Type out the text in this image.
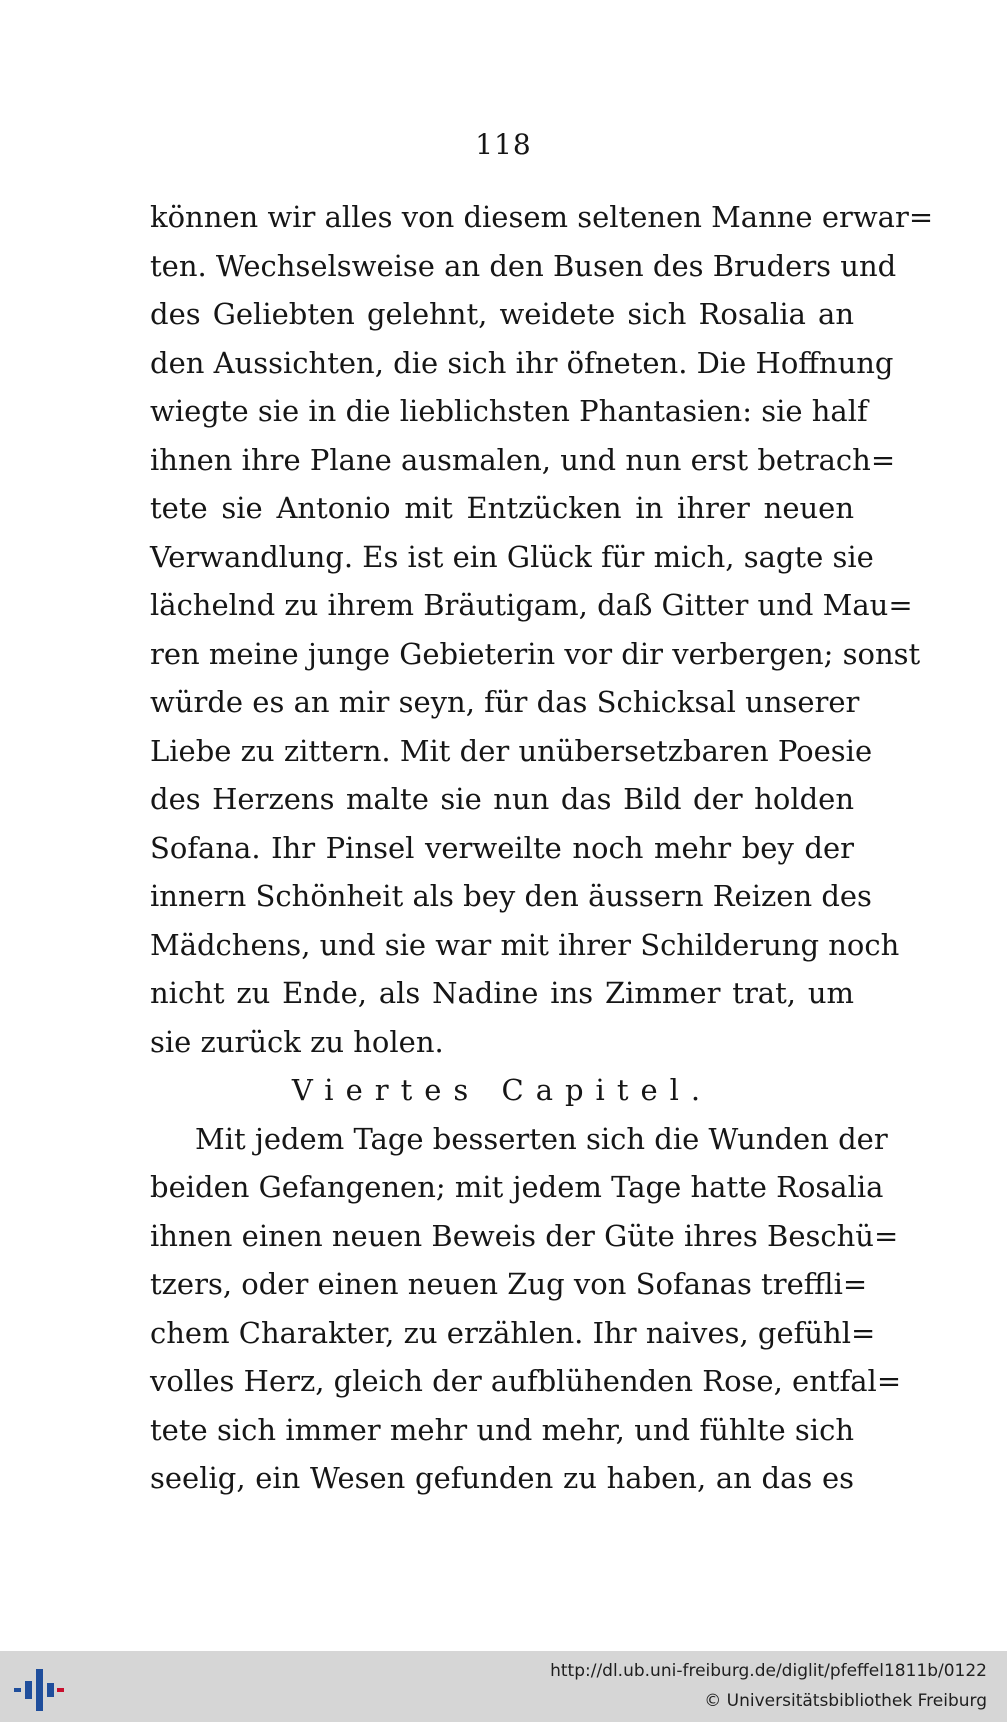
118
können wir alles von diesem seltenen Manne erwar=
ten. Wechselsweise an den Busen des Bruders und
des Geliebten gelehnt, weidete sich Rosalia an
den Aussichten, die sich ihr öfneten. Die Hoffnung
wiegte sie in die lieblichsten Phantasien: sie half
ihnen ihre Plane ausmalen, und nun erst betrach=
tete sie Antonio mit Entzücken in ihrer neuen
Verwandlung. Es ist ein Glück für mich, sagte sie
lächelnd zu ihrem Bräutigam, daß Gitter und Mau=
ren meine junge Gebieterin vor dir verbergen; sonst
würde es an mir seyn, für das Schicksal unserer
Liebe zu zittern. Mit der unübersetzbaren Poesie
des Herzens malte sie nun das Bild der holden
Sofana. Ihr Pinsel verweilte noch mehr bey der
innern Schönheit als bey den äussern Reizen des
Mädchens, und sie war mit ihrer Schilderung noch
nicht zu Ende, als Nadine ins Zimmer trat, um
sie zurück zu holen.
Viertes Capitel.
Mit jedem Tage besserten sich die Wunden der
beiden Gefangenen; mit jedem Tage hatte Rosalia
ihnen einen neuen Beweis der Güte ihres Beschü=
tzers, oder einen neuen Zug von Sofanas treffli=
chem Charakter, zu erzählen. Ihr naives, gefühl=
volles Herz, gleich der aufblühenden Rose, entfal=
tete sich immer mehr und mehr, und fühlte sich
seelig, ein Wesen gefunden zu haben, an das es
http://dl.ub.uni-freiburg.de/diglit/pfeffel1811b/0122
© Universitätsbibliothek Freiburg
